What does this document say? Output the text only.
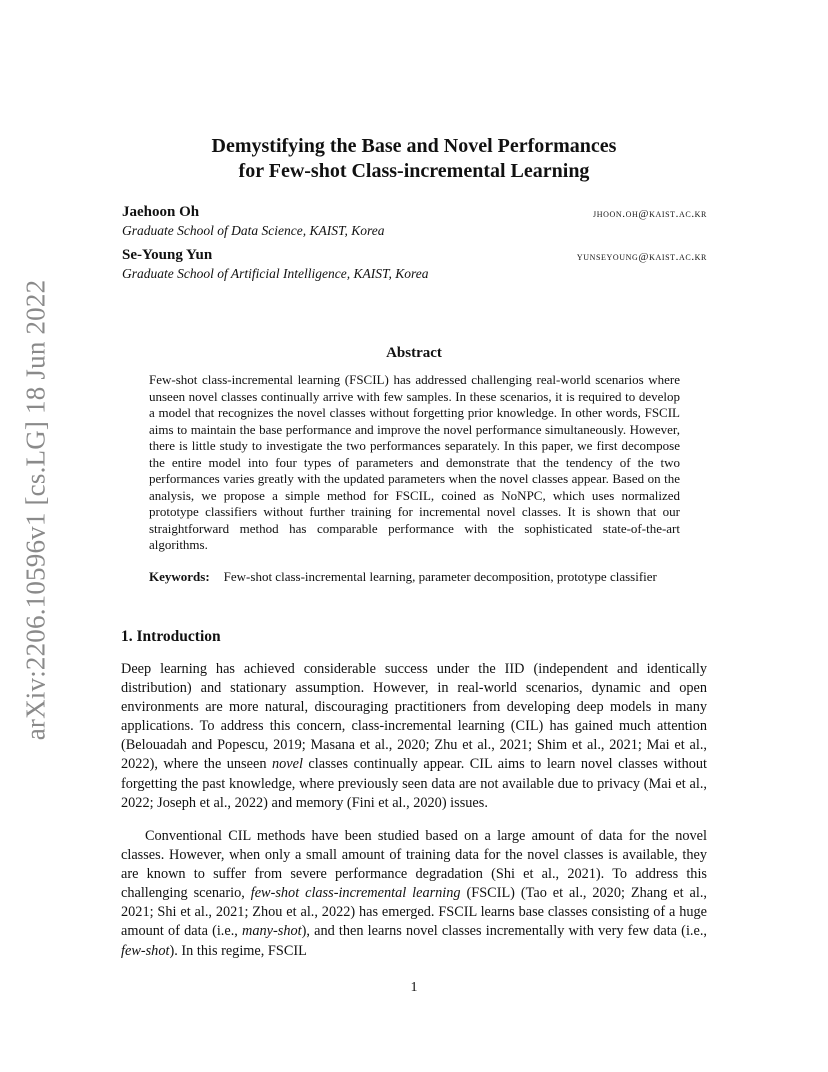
arXiv:2206.10596v1 [cs.LG] 18 Jun 2022
Demystifying the Base and Novel Performances
for Few-shot Class-incremental Learning
Jaehoon Oh	jhoon.oh@kaist.ac.kr
Graduate School of Data Science, KAIST, Korea
Se-Young Yun	yunseyoung@kaist.ac.kr
Graduate School of Artificial Intelligence, KAIST, Korea
Abstract
Few-shot class-incremental learning (FSCIL) has addressed challenging real-world scenarios where unseen novel classes continually arrive with few samples. In these scenarios, it is required to develop a model that recognizes the novel classes without forgetting prior knowledge. In other words, FSCIL aims to maintain the base performance and improve the novel performance simultaneously. However, there is little study to investigate the two performances separately. In this paper, we first decompose the entire model into four types of parameters and demonstrate that the tendency of the two performances varies greatly with the updated parameters when the novel classes appear. Based on the analysis, we propose a simple method for FSCIL, coined as NoNPC, which uses normalized prototype classifiers without further training for incremental novel classes. It is shown that our straightforward method has comparable performance with the sophisticated state-of-the-art algorithms.
Keywords: Few-shot class-incremental learning, parameter decomposition, prototype classifier
1. Introduction

Deep learning has achieved considerable success under the IID (independent and identically distribution) and stationary assumption. However, in real-world scenarios, dynamic and open environments are more natural, discouraging practitioners from developing deep models in many applications. To address this concern, class-incremental learning (CIL) has gained much attention (Belouadah and Popescu, 2019; Masana et al., 2020; Zhu et al., 2021; Shim et al., 2021; Mai et al., 2022), where the unseen novel classes continually appear. CIL aims to learn novel classes without forgetting the past knowledge, where previously seen data are not available due to privacy (Mai et al., 2022; Joseph et al., 2022) and memory (Fini et al., 2020) issues.

Conventional CIL methods have been studied based on a large amount of data for the novel classes. However, when only a small amount of training data for the novel classes is available, they are known to suffer from severe performance degradation (Shi et al., 2021). To address this challenging scenario, few-shot class-incremental learning (FSCIL) (Tao et al., 2020; Zhang et al., 2021; Shi et al., 2021; Zhou et al., 2022) has emerged. FSCIL learns base classes consisting of a huge amount of data (i.e., many-shot), and then learns novel classes incrementally with very few data (i.e., few-shot). In this regime, FSCIL

1
